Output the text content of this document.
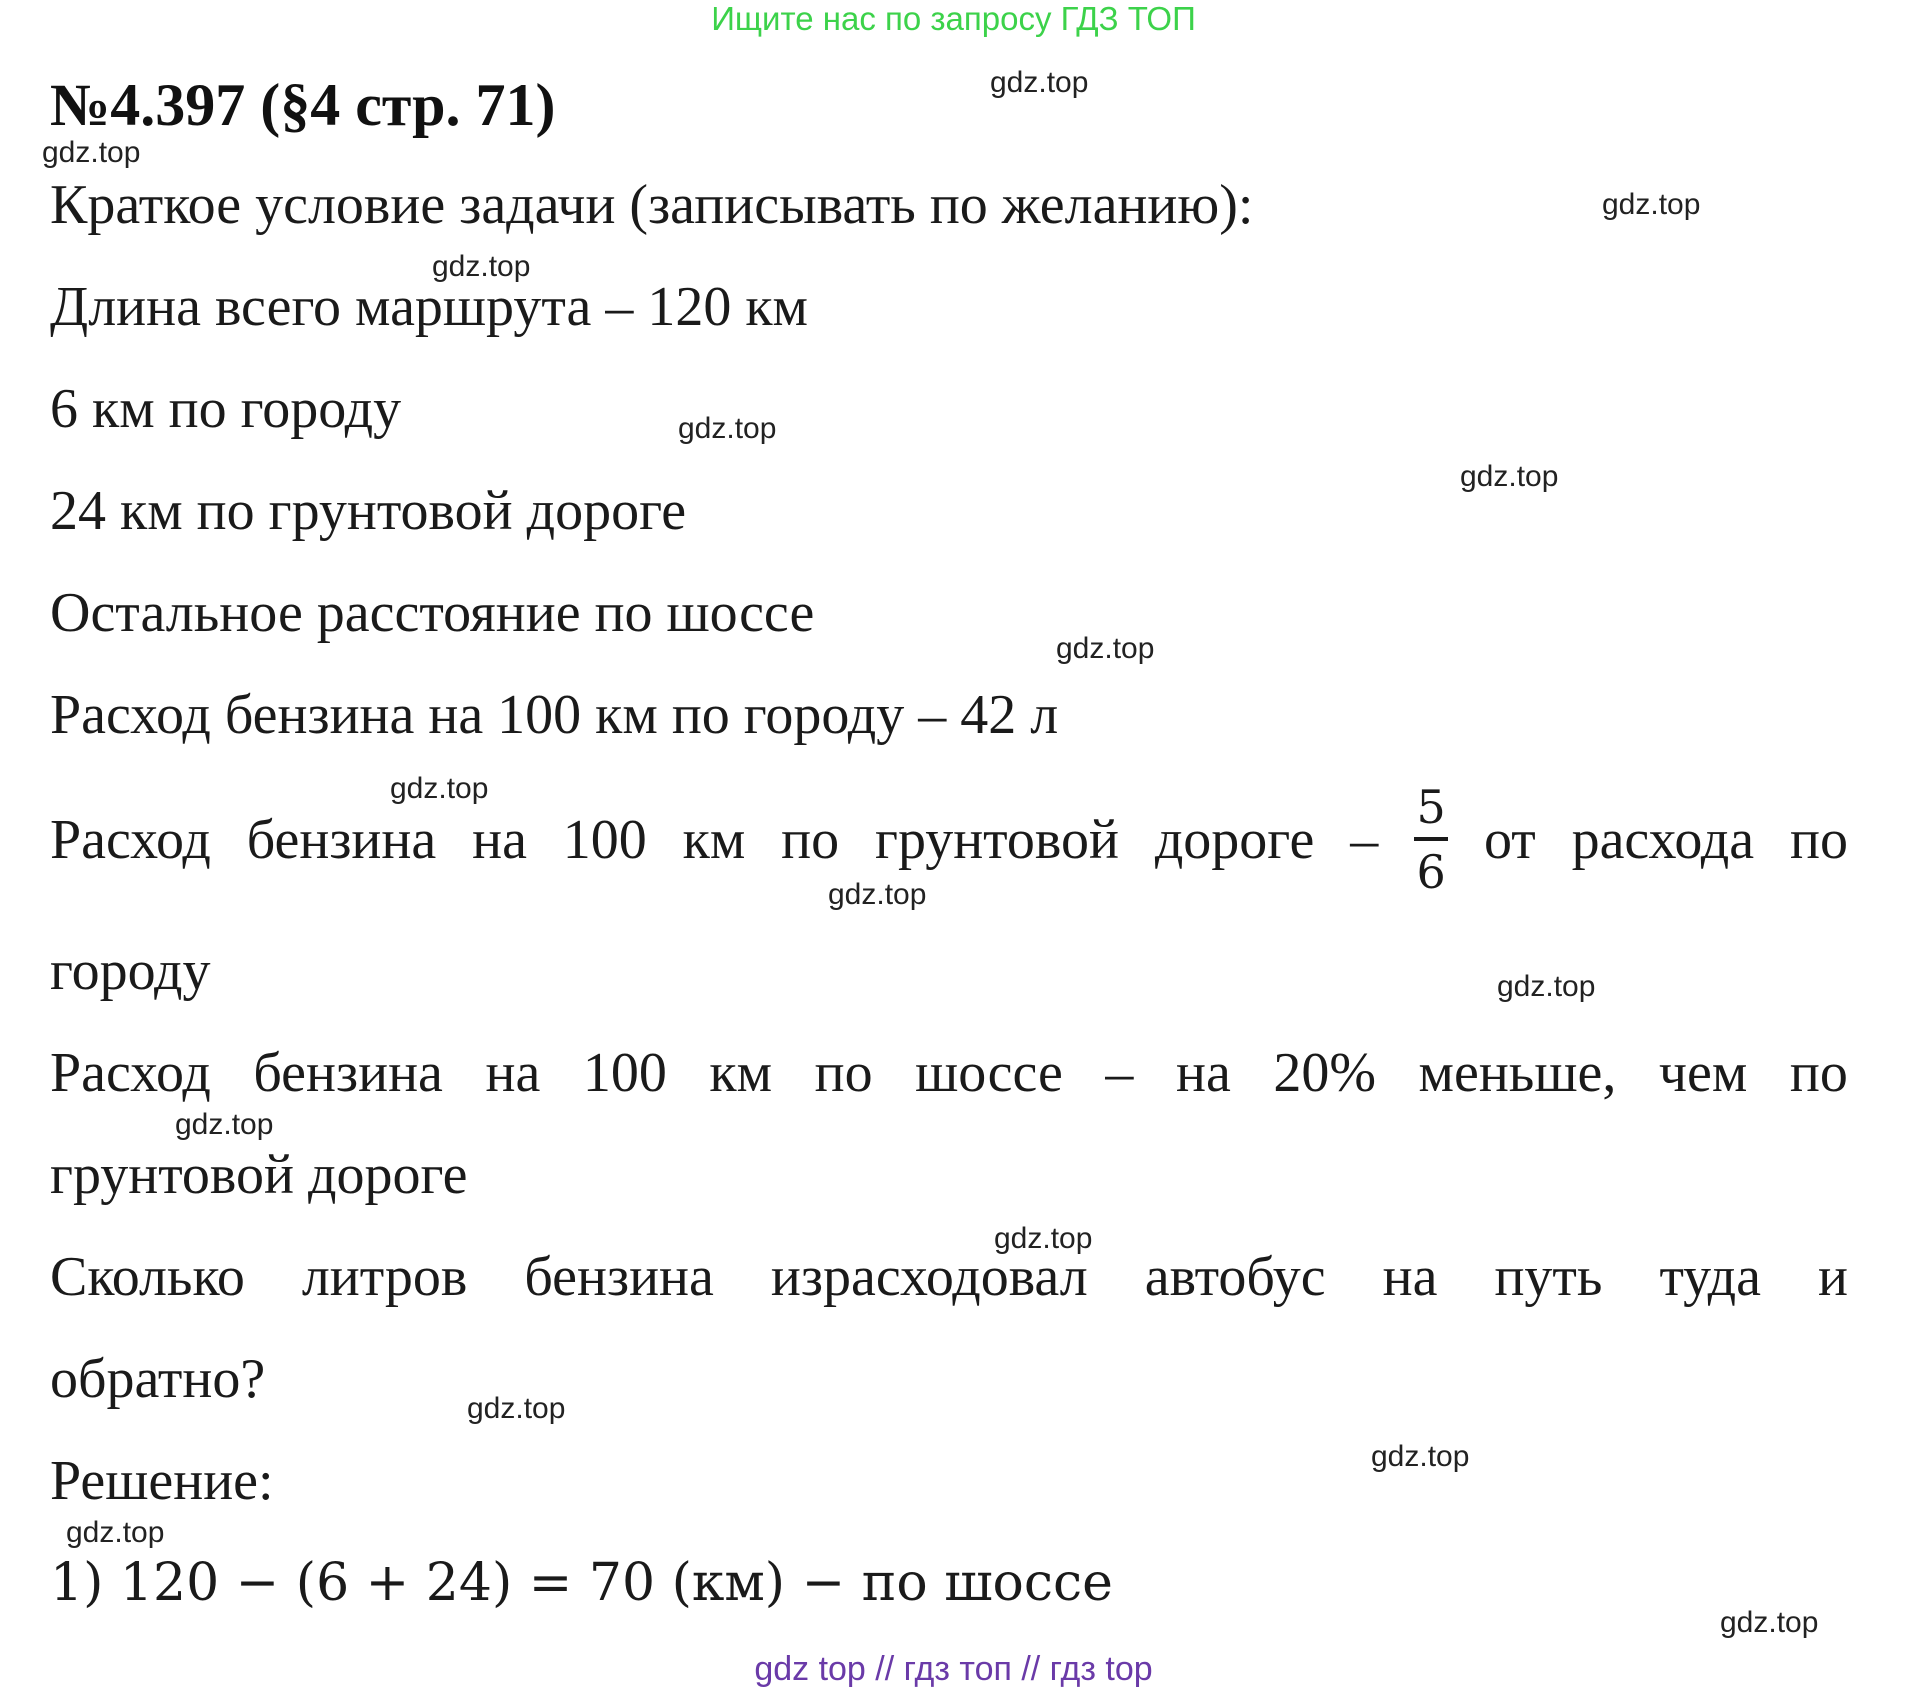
Ищите нас по запросу ГДЗ ТОП
№4.397 (§4 стр. 71)
Краткое условие задачи (записывать по желанию):
Длина всего маршрута – 120 км
6 км по городу
24 км по грунтовой дороге
Остальное расстояние по шоссе
Расход бензина на 100 км по городу – 42 л
Расход бензина на 100 км по грунтовой дороге – $\frac{5}{6}$ от расхода по
городу
Расход бензина на 100 км по шоссе – на 20% меньше, чем по
грунтовой дороге
Сколько литров бензина израсходовал автобус на путь туда и
обратно?
Решение:
1) 120 − (6 + 24) = 70 (км) − по шоссе
gdz.top
gdz.top
gdz.top
gdz.top
gdz.top
gdz.top
gdz.top
gdz.top
gdz.top
gdz.top
gdz.top
gdz.top
gdz.top
gdz.top
gdz.top
gdz.top
gdz top // гдз топ // гдз top
